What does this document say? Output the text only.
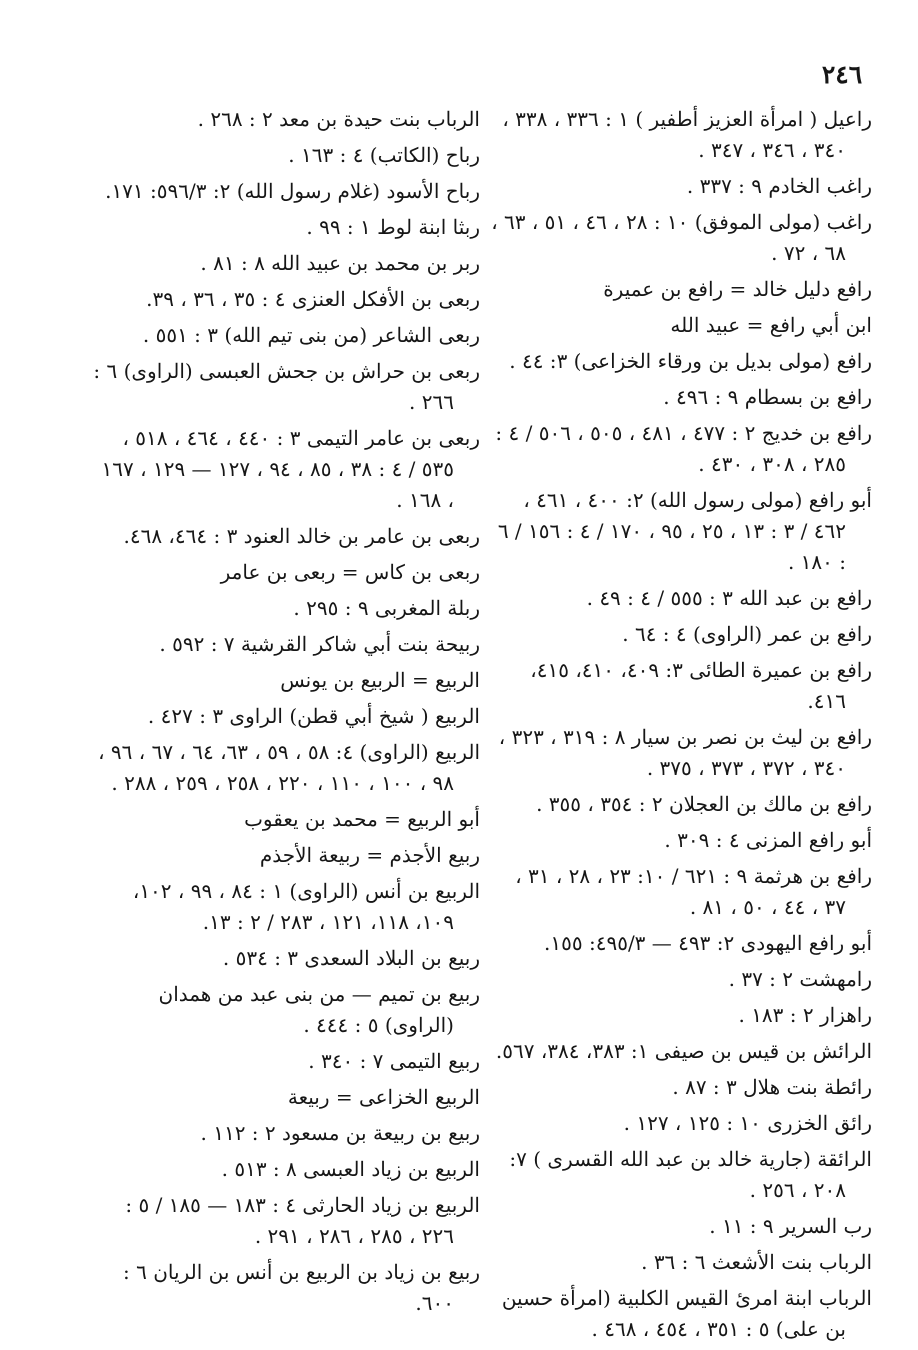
٢٤٦

راعيل ( امرأة العزيز أطفير ) ١ : ٣٣٦ ، ٣٣٨ ، ٣٤٠ ، ٣٤٦ ، ٣٤٧ .

راغب الخادم ٩ : ٣٣٧ .

راغب (مولى الموفق) ١٠ : ٢٨ ، ٤٦ ، ٥١ ، ٦٣ ، ٦٨ ، ٧٢ .

رافع دليل خالد = رافع بن عميرة

ابن أبي رافع = عبيد الله

رافع (مولى بديل بن ورقاء الخزاعى) ٣: ٤٤ .

رافع بن بسطام ٩ : ٤٩٦ .

رافع بن خديج ٢ : ٤٧٧ ، ٤٨١ ، ٥٠٥ ، ٥٠٦ / ٤ : ٢٨٥ ، ٣٠٨ ، ٤٣٠ .

أبو رافع (مولى رسول الله) ٢: ٤٠٠ ، ٤٦١ ، ٤٦٢ / ٣ : ١٣ ، ٢٥ ، ٩٥ ، ١٧٠ / ٤ : ١٥٦ / ٦ : ١٨٠ .

رافع بن عبد الله ٣ : ٥٥٥ / ٤ : ٤٩ .

رافع بن عمر (الراوى) ٤ : ٦٤ .

رافع بن عميرة الطائى ٣: ٤٠٩، ٤١٠، ٤١٥، ٤١٦.

رافع بن ليث بن نصر بن سيار ٨ : ٣١٩ ، ٣٢٣ ، ٣٤٠ ، ٣٧٢ ، ٣٧٣ ، ٣٧٥ .

رافع بن مالك بن العجلان ٢ : ٣٥٤ ، ٣٥٥ .

أبو رافع المزنى ٤ : ٣٠٩ .

رافع بن هرثمة ٩ : ٦٢١ / ١٠: ٢٣ ، ٢٨ ، ٣١ ، ٣٧ ، ٤٤ ، ٥٠ ، ٨١ .

أبو رافع اليهودى ٢: ٤٩٣ — ٤٩٥/٣: ١٥٥.

رامهشت ٢ : ٣٧ .

راهزار ٢ : ١٨٣ .

الرائش بن قيس بن صيفى ١: ٣٨٣، ٣٨٤، ٥٦٧.

رائطة بنت هلال ٣ : ٨٧ .

رائق الخزرى ١٠ : ١٢٥ ، ١٢٧ .

الرائقة (جارية خالد بن عبد الله القسرى ) ٧: ٢٠٨ ، ٢٥٦ .

رب السرير ٩ : ١١ .

الرباب بنت الأشعث ٦ : ٣٦ .

الرباب ابنة امرئ القيس الكلبية (امرأة حسين بن على) ٥ : ٣٥١ ، ٤٥٤ ، ٤٦٨ .

الرباب بنت حيدة بن معد ٢ : ٢٦٨ .

رباح (الكاتب) ٤ : ١٦٣ .

رباح الأسود (غلام رسول الله) ٢: ٥٩٦/٣: ١٧١.

ربثا ابنة لوط ١ : ٩٩ .

ربر بن محمد بن عبيد الله ٨ : ٨١ .

ربعى بن الأفكل العنزى ٤ : ٣٥ ، ٣٦ ، ٣٩.

ربعى الشاعر (من بنى تيم الله) ٣ : ٥٥١ .

ربعى بن حراش بن جحش العبسى (الراوى) ٦ : ٢٦٦ .

ربعى بن عامر التيمى ٣ : ٤٤٠ ، ٤٦٤ ، ٥١٨ ، ٥٣٥ / ٤ : ٣٨ ، ٨٥ ، ٩٤ ، ١٢٧ — ١٢٩ ، ١٦٧ ، ١٦٨ .

ربعى بن عامر بن خالد العنود ٣ : ٤٦٤، ٤٦٨.

ربعى بن كاس = ربعى بن عامر

ربلة المغربى ٩ : ٢٩٥ .

ربيحة بنت أبي شاكر القرشية ٧ : ٥٩٢ .

الربيع = الربيع بن يونس

الربيع ( شيخ أبي قطن) الراوى ٣ : ٤٢٧ .

الربيع (الراوى) ٤: ٥٨ ، ٥٩ ، ٦٣، ٦٤ ، ٦٧ ، ٩٦ ، ٩٨ ، ١٠٠ ، ١١٠ ، ٢٢٠ ، ٢٥٨ ، ٢٥٩ ، ٢٨٨ .

أبو الربيع = محمد بن يعقوب

ربيع الأجذم = ربيعة الأجذم

الربيع بن أنس (الراوى) ١ : ٨٤ ، ٩٩ ، ١٠٢، ١٠٩، ١١٨، ١٢١ ، ٢٨٣ / ٢ : ١٣.

ربيع بن البلاد السعدى ٣ : ٥٣٤ .

ربيع بن تميم — من بنى عبد من همدان (الراوى) ٥ : ٤٤٤ .

ربيع التيمى ٧ : ٣٤٠ .

الربيع الخزاعى = ربيعة

ربيع بن ربيعة بن مسعود ٢ : ١١٢ .

الربيع بن زياد العبسى ٨ : ٥١٣ .

الربيع بن زياد الحارثى ٤ : ١٨٣ — ١٨٥ / ٥ : ٢٢٦ ، ٢٨٥ ، ٢٨٦ ، ٢٩١ .

ربيع بن زياد بن الربيع بن أنس بن الريان ٦ : ٦٠٠.
